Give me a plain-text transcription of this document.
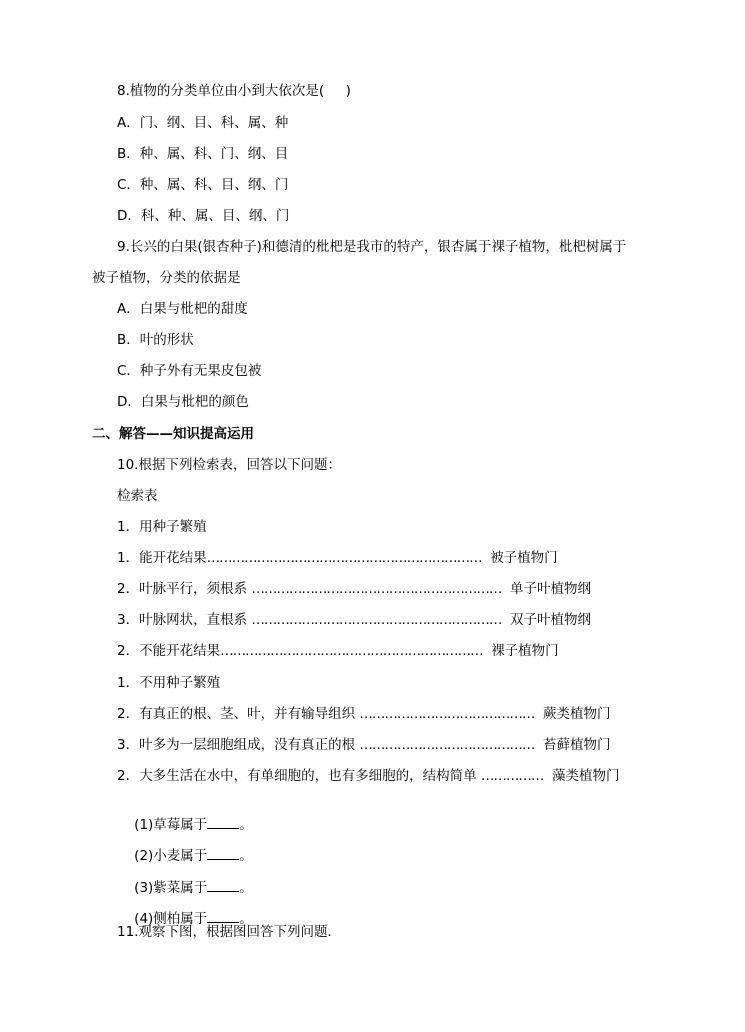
8.植物的分类单位由小到大依次是(     )
A．门、纲、目、科、属、种
B．种、属、科、门、纲、目
C．种、属、科、目、纲、门
D．科、种、属、目、纲、门
9.长兴的白果(银杏种子)和德清的枇杷是我市的特产，银杏属于裸子植物，枇杷树属于
被子植物，分类的依据是
A．白果与枇杷的甜度
B．叶的形状
C．种子外有无果皮包被
D．白果与枇杷的颜色
二、解答——知识提高运用
10.根据下列检索表，回答以下问题：
检索表
1．用种子繁殖
1．能开花结果………………………………………………………… 被子植物门
2．叶脉平行，须根系 …………………………………………………… 单子叶植物纲
3．叶脉网状，直根系 …………………………………………………… 双子叶植物纲
2．不能开花结果……………………………………………………… 裸子植物门
1．不用种子繁殖
2．有真正的根、茎、叶，并有输导组织 …………………………………… 蕨类植物门
3．叶多为一层细胞组成，没有真正的根 …………………………………… 苔藓植物门
2．大多生活在水中，有单细胞的，也有多细胞的，结构简单 …………… 藻类植物门

(1)草莓属于 。

(2)小麦属于 。

(3)紫菜属于 。

(4)侧柏属于 。

11.观察下图，根据图回答下列问题．
